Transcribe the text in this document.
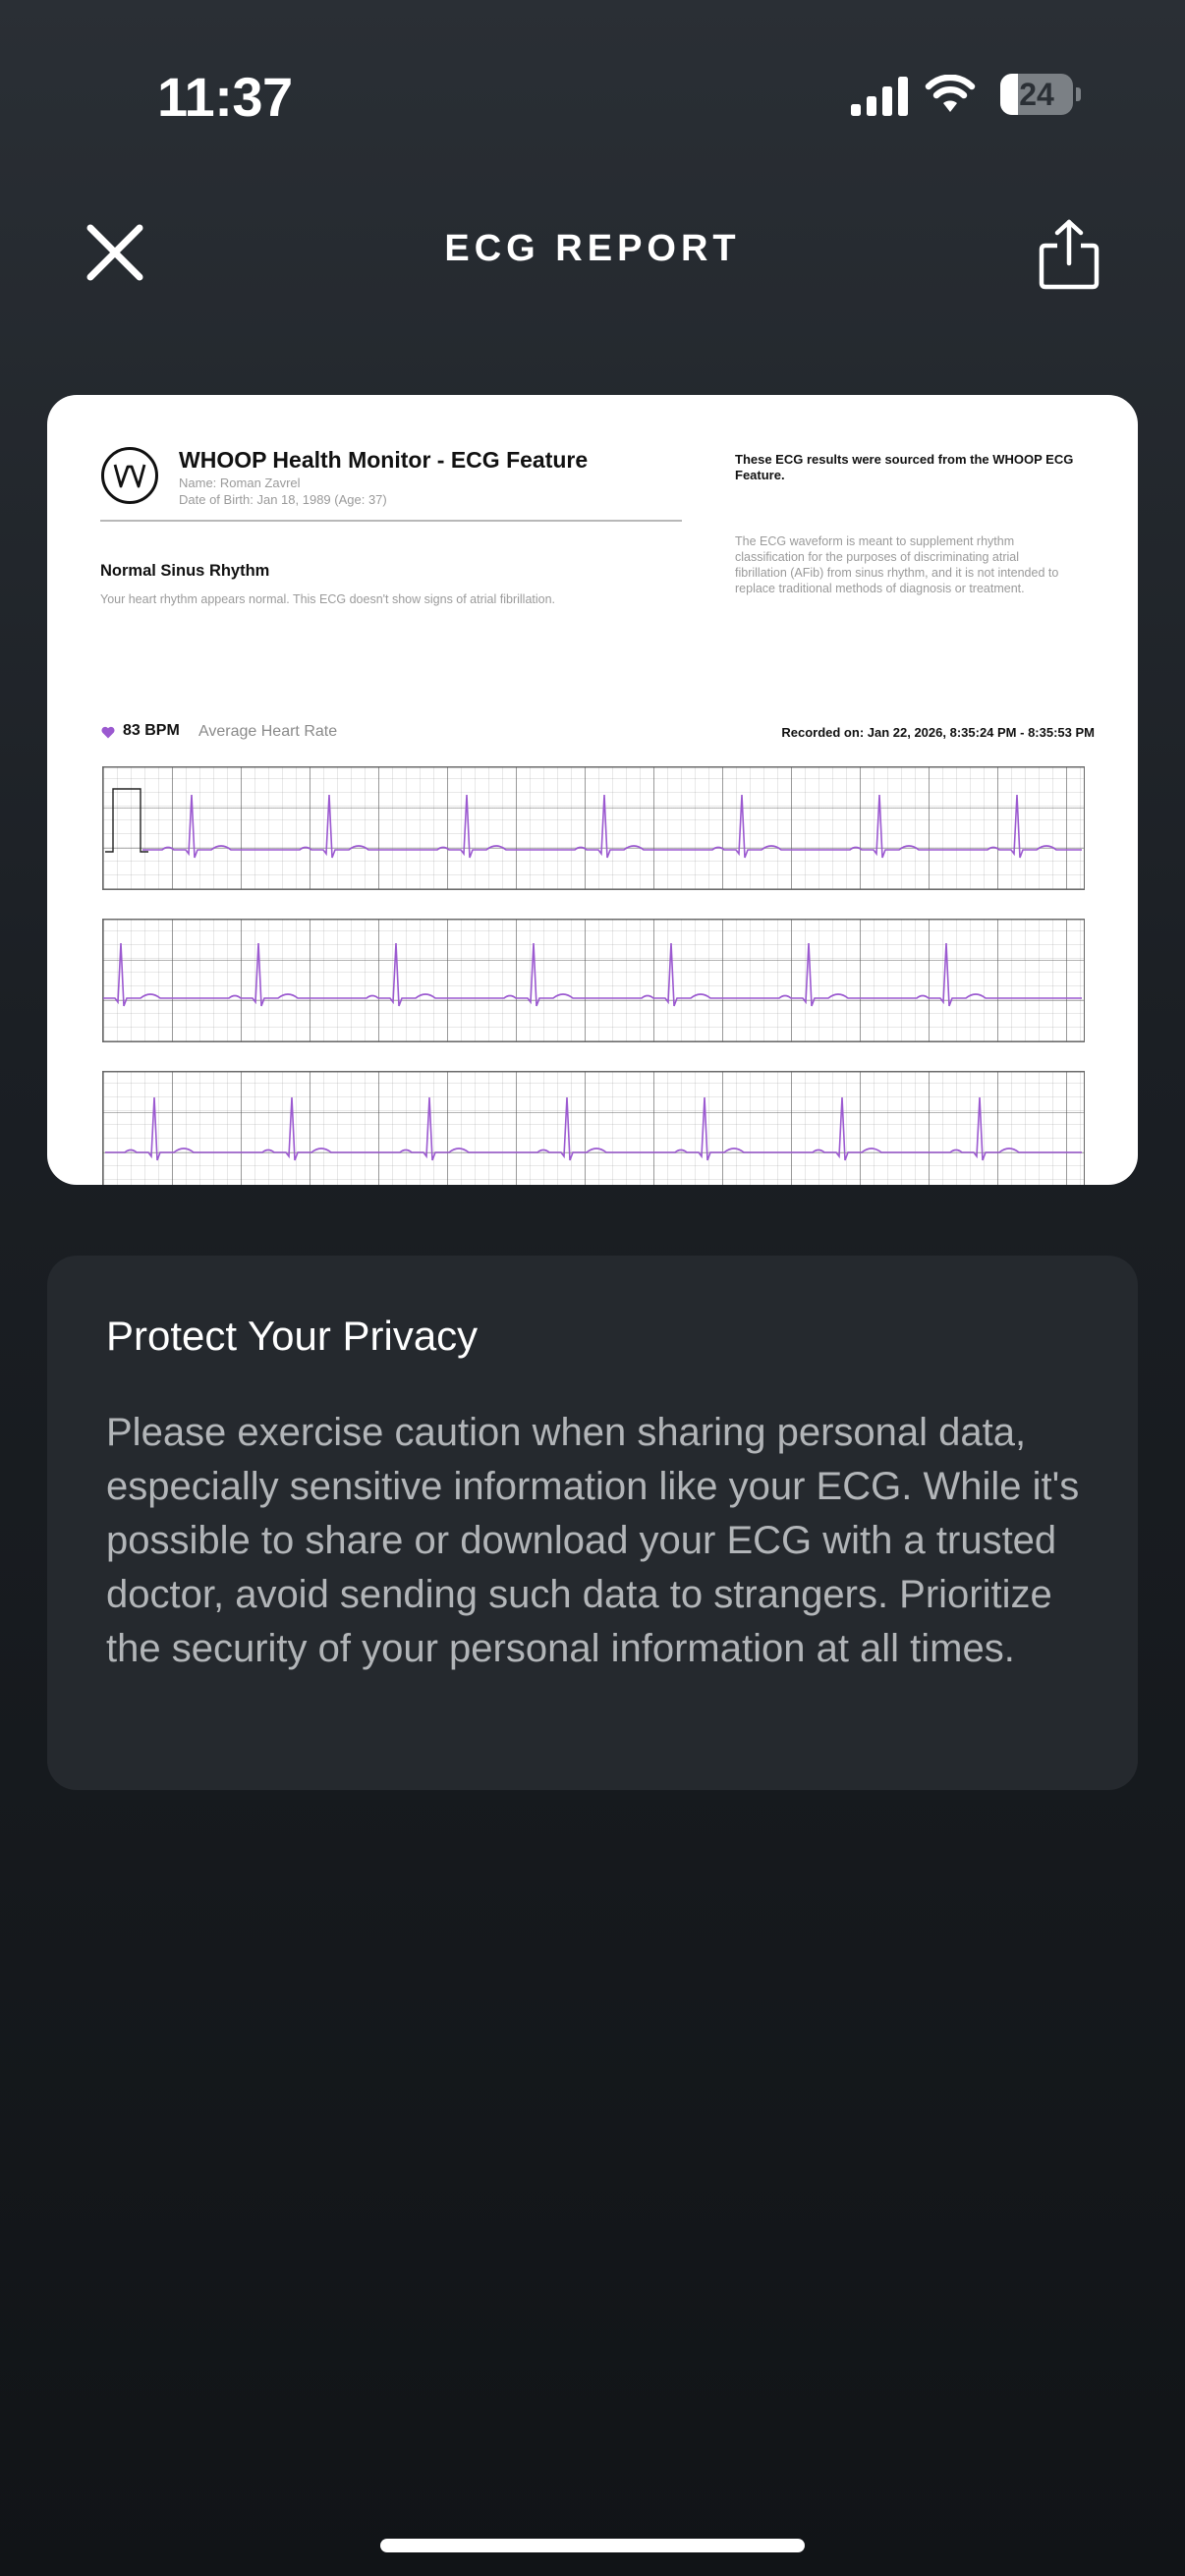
11:37	24
ECG REPORT
WHOOP Health Monitor - ECG Feature
Name: Roman Zavrel
Date of Birth: Jan 18, 1989 (Age: 37)
These ECG results were sourced from the WHOOP ECG Feature.
The ECG waveform is meant to supplement rhythm classification for the purposes of discriminating atrial fibrillation (AFib) from sinus rhythm, and it is not intended to replace traditional methods of diagnosis or treatment.
Normal Sinus Rhythm
Your heart rhythm appears normal. This ECG doesn't show signs of atrial fibrillation.
83 BPM Average Heart Rate	Recorded on: Jan 22, 2026, 8:35:24 PM - 8:35:53 PM
Protect Your Privacy
Please exercise caution when sharing personal data, especially sensitive information like your ECG. While it's possible to share or download your ECG with a trusted doctor, avoid sending such data to strangers. Prioritize the security of your personal information at all times.
